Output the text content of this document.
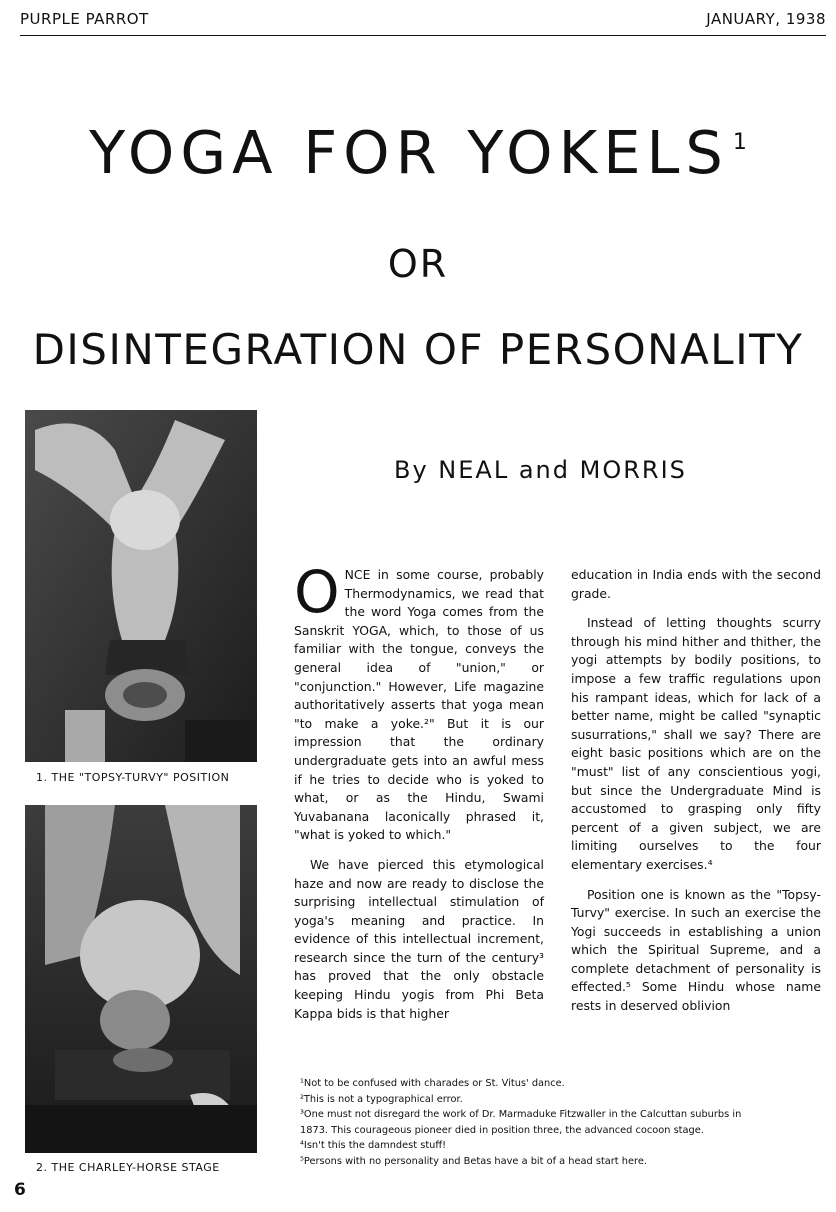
PURPLE PARROT	JANUARY, 1938
YOGA FOR YOKELS $^1$
OR
DISINTEGRATION OF PERSONALITY
By NEAL and MORRIS
1. THE "TOPSY-TURVY" POSITION
2. THE CHARLEY-HORSE STAGE

ONCE in some course, probably Thermodynamics, we read that the word Yoga comes from the Sanskrit YOGA, which, to those of us familiar with the tongue, conveys the general idea of "union," or "conjunction." However, Life magazine authoritatively asserts that yoga mean "to make a yoke.²" But it is our impression that the ordinary undergraduate gets into an awful mess if he tries to decide who is yoked to what, or as the Hindu, Swami Yuvabanana laconically phrased it, "what is yoked to which."

We have pierced this etymological haze and now are ready to disclose the surprising intellectual stimulation of yoga's meaning and practice. In evidence of this intellectual increment, research since the turn of the century³ has proved that the only obstacle keeping Hindu yogis from Phi Beta Kappa bids is that higher

education in India ends with the second grade.

Instead of letting thoughts scurry through his mind hither and thither, the yogi attempts by bodily positions, to impose a few traffic regulations upon his rampant ideas, which for lack of a better name, might be called "synaptic susurrations," shall we say? There are eight basic positions which are on the "must" list of any conscientious yogi, but since the Undergraduate Mind is accustomed to grasping only fifty percent of a given subject, we are limiting ourselves to the four elementary exercises.⁴

Position one is known as the "Topsy-Turvy" exercise. In such an exercise the Yogi succeeds in establishing a union which the Spiritual Supreme, and a complete detachment of personality is effected.⁵ Some Hindu whose name rests in deserved oblivion

¹Not to be confused with charades or St. Vitus' dance.
²This is not a typographical error.
³One must not disregard the work of Dr. Marmaduke Fitzwaller in the Calcuttan suburbs in
1873. This courageous pioneer died in position three, the advanced cocoon stage.
⁴Isn't this the damndest stuff!
⁵Persons with no personality and Betas have a bit of a head start here.
6
